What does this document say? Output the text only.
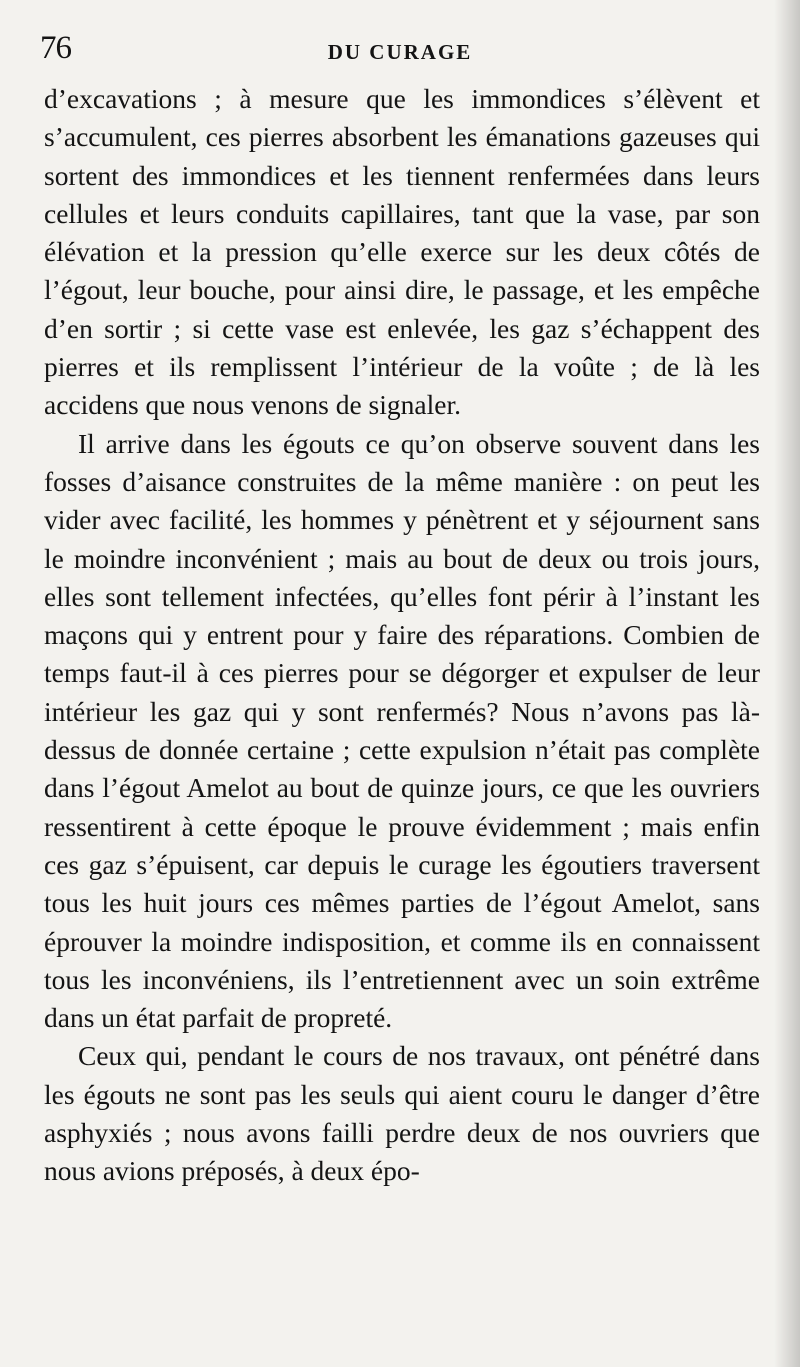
76	DU CURAGE

d’excavations ; à mesure que les immondices s’élèvent et s’accumulent, ces pierres absorbent les émanations gazeuses qui sortent des immondices et les tiennent renfermées dans leurs cellules et leurs conduits capillaires, tant que la vase, par son élévation et la pression qu’elle exerce sur les deux côtés de l’égout, leur bouche, pour ainsi dire, le passage, et les empêche d’en sortir ; si cette vase est enlevée, les gaz s’échappent des pierres et ils remplissent l’intérieur de la voûte ; de là les accidens que nous venons de signaler.

Il arrive dans les égouts ce qu’on observe souvent dans les fosses d’aisance construites de la même manière : on peut les vider avec facilité, les hommes y pénètrent et y séjournent sans le moindre inconvénient ; mais au bout de deux ou trois jours, elles sont tellement infectées, qu’elles font périr à l’instant les maçons qui y entrent pour y faire des réparations. Combien de temps faut-il à ces pierres pour se dégorger et expulser de leur intérieur les gaz qui y sont renfermés? Nous n’avons pas là-dessus de donnée certaine ; cette expulsion n’était pas complète dans l’égout Amelot au bout de quinze jours, ce que les ouvriers ressentirent à cette époque le prouve évidemment ; mais enfin ces gaz s’épuisent, car depuis le curage les égoutiers traversent tous les huit jours ces mêmes parties de l’égout Amelot, sans éprouver la moindre indisposition, et comme ils en connaissent tous les inconvéniens, ils l’entretiennent avec un soin extrême dans un état parfait de propreté.

Ceux qui, pendant le cours de nos travaux, ont pénétré dans les égouts ne sont pas les seuls qui aient couru le danger d’être asphyxiés ; nous avons failli perdre deux de nos ouvriers que nous avions préposés, à deux épo-
